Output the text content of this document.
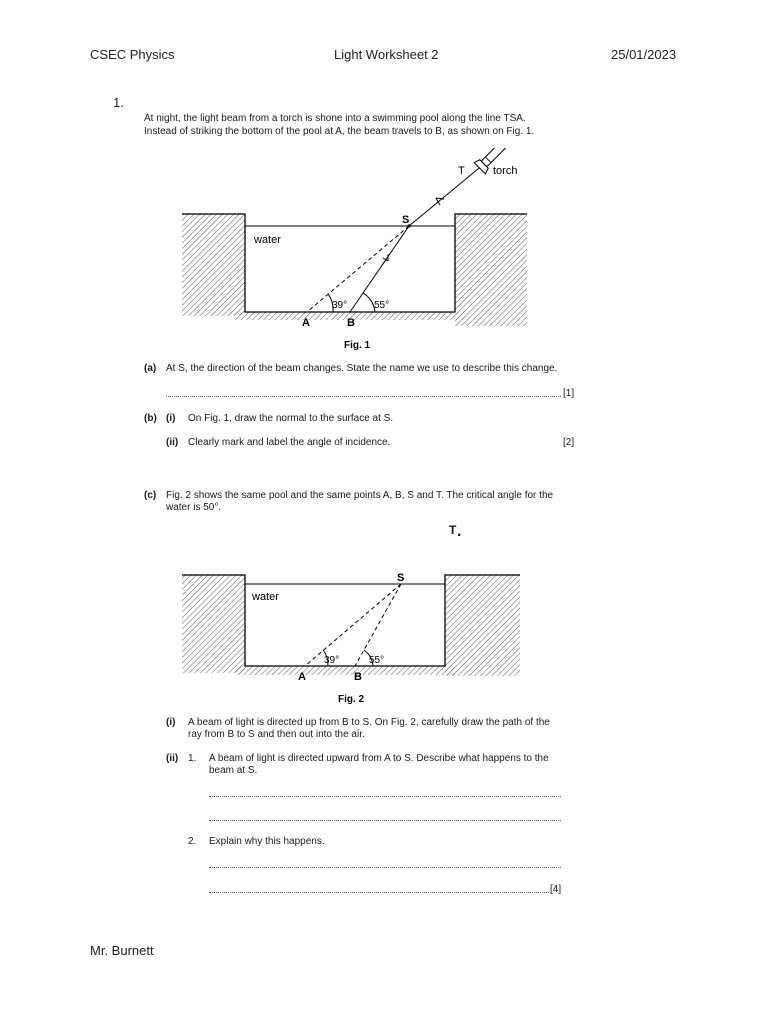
CSEC Physics	Light Worksheet 2	25/01/2023
1.
At night, the light beam from a torch is shone into a swimming pool along the line TSA.
Instead of striking the bottom of the pool at A, the beam travels to B, as shown on Fig. 1.
T	torch
S
water
39°	55°
A	B
Fig. 1
(a) At S, the direction of the beam changes. State the name we use to describe this change.
[1]
(b) (i) On Fig. 1, draw the normal to the surface at S.
(ii) Clearly mark and label the angle of incidence.	[2]
(c) Fig. 2 shows the same pool and the same points A, B, S and T. The critical angle for the
water is 50°.
T .
S
water
39°	55°
A	B
Fig. 2
(i) A beam of light is directed up from B to S. On Fig. 2, carefully draw the path of the
ray from B to S and then out into the air.
(ii) 1. A beam of light is directed upward from A to S. Describe what happens to the
beam at S.
2. Explain why this happens.
[4]
Mr. Burnett
